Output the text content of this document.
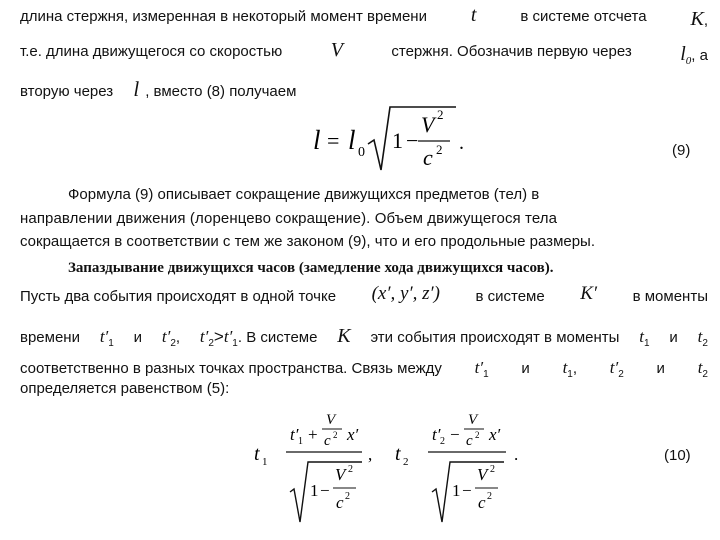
длина стержня, измеренная в некоторый момент времени t	в системе отсчета K,
т.е. длина движущегося со скоростью V	стержня. Обозначив первую через $l_0$, а
вторую через l , вместо (8) получаем
l = l 0 1 −
V 2
c 2 .	(9)
Формула (9) описывает сокращение движущихся предметов (тел) в
направлении движения (лоренцево сокращение). Объем движущегося тела
сокращается в соответствии с тем же законом (9), что и его продольные размеры.
Запаздывание движущихся часов (замедление хода движущихся часов).
Пусть два события происходят в одной точке (x′, y′, z′) в системе K′ в моменты
времени $t'_1$ и $t'_2$, $t'_2>t'_1$. В системе K эти события происходят в моменты $t_1$ и $t_2$
соответственно в разных точках пространства. Связь между $t'_1$ и $t_1$, $t'_2$ и $t_2$
определяется равенством (5):
t 1
t′ 1 +
V
c 2 x′
1 −
V 2
c 2
, t 2
t′ 2 −
V
c 2 x′
1 −
V 2
c 2
.	(10)
